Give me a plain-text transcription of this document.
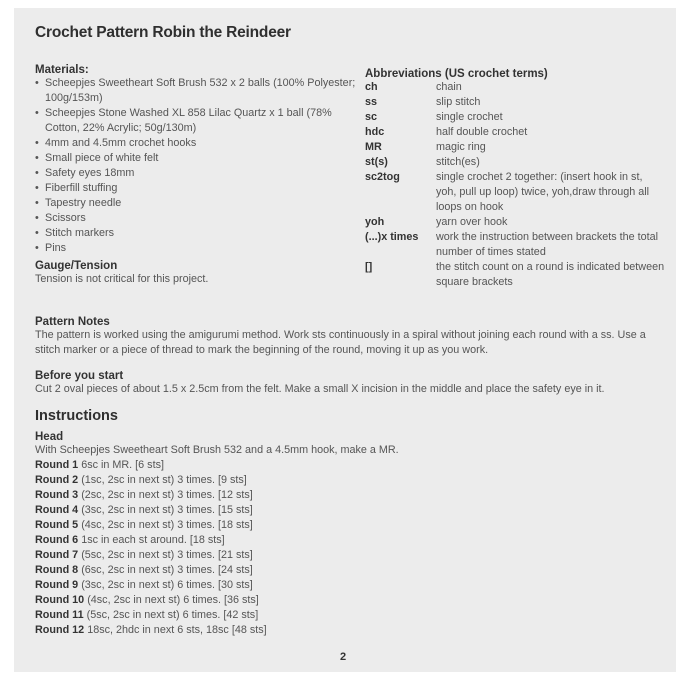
Crochet Pattern Robin the Reindeer
Materials:
• Scheepjes Sweetheart Soft Brush 532 x 2 balls (100% Polyester; 100g/153m)
• Scheepjes Stone Washed XL 858 Lilac Quartz x 1 ball (78% Cotton, 22% Acrylic; 50g/130m)
• 4mm and 4.5mm crochet hooks
• Small piece of white felt
• Safety eyes 18mm
• Fiberfill stuffing
• Tapestry needle
• Scissors
• Stitch markers
• Pins
Gauge/Tension
Tension is not critical for this project.
Abbreviations (US crochet terms)
ch	chain
ss	slip stitch
sc	single crochet
hdc	half double crochet
MR	magic ring
st(s)	stitch(es)
sc2tog	single crochet 2 together: (insert hook in st, yoh, pull up loop) twice, yoh,draw through all loops on hook
yoh	yarn over hook
(...)x times	work the instruction between brackets the total number of times stated
[]	the stitch count on a round is indicated between square brackets
Pattern Notes
The pattern is worked using the amigurumi method. Work sts continuously in a spiral without joining each round with a ss. Use a stitch marker or a piece of thread to mark the beginning of the round, moving it up as you work.
Before you start
Cut 2 oval pieces of about 1.5 x 2.5cm from the felt. Make a small X incision in the middle and place the safety eye in it.
Instructions
Head
With Scheepjes Sweetheart Soft Brush 532 and a 4.5mm hook, make a MR.
Round 1 6sc in MR. [6 sts]
Round 2 (1sc, 2sc in next st) 3 times. [9 sts]
Round 3 (2sc, 2sc in next st) 3 times. [12 sts]
Round 4 (3sc, 2sc in next st) 3 times. [15 sts]
Round 5 (4sc, 2sc in next st) 3 times. [18 sts]
Round 6 1sc in each st around. [18 sts]
Round 7 (5sc, 2sc in next st) 3 times. [21 sts]
Round 8 (6sc, 2sc in next st) 3 times. [24 sts]
Round 9 (3sc, 2sc in next st) 6 times. [30 sts]
Round 10 (4sc, 2sc in next st) 6 times. [36 sts]
Round 11 (5sc, 2sc in next st) 6 times. [42 sts]
Round 12 18sc, 2hdc in next 6 sts, 18sc [48 sts]
2
